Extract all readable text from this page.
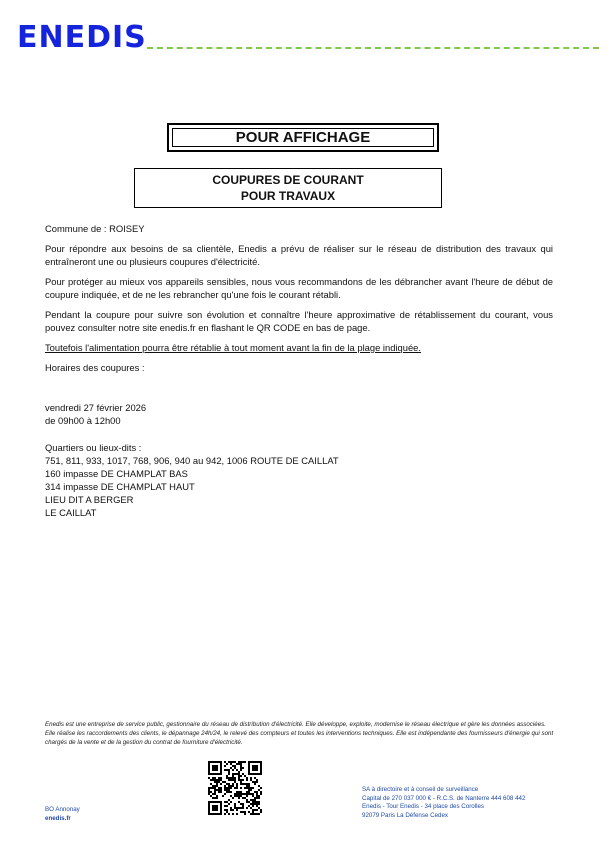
ENEDIS
POUR AFFICHAGE
COUPURES DE COURANT
POUR TRAVAUX

Commune de : ROISEY

Pour répondre aux besoins de sa clientèle, Enedis a prévu de réaliser sur le réseau de distribution des travaux qui entraîneront une ou plusieurs coupures d'électricité.

Pour protéger au mieux vos appareils sensibles, nous vous recommandons de les débrancher avant l'heure de début de coupure indiquée, et de ne les rebrancher qu'une fois le courant rétabli.

Pendant la coupure pour suivre son évolution et connaître l'heure approximative de rétablissement du courant, vous pouvez consulter notre site enedis.fr en flashant le QR CODE en bas de page.

Toutefois l'alimentation pourra être rétablie à tout moment avant la fin de la plage indiquée.

Horaires des coupures :

vendredi 27 février 2026
de 09h00 à 12h00
Quartiers ou lieux-dits :
751, 811, 933, 1017, 768, 906, 940 au 942, 1006 ROUTE DE CAILLAT
160 impasse DE CHAMPLAT BAS
314 impasse DE CHAMPLAT HAUT
LIEU DIT A BERGER
LE CAILLAT
Enedis est une entreprise de service public, gestionnaire du réseau de distribution d'électricité. Elle développe, exploite, modernise le réseau électrique et gère les données associées. Elle réalise les raccordements des clients, le dépannage 24h/24, le relevé des compteurs et toutes les interventions techniques. Elle est indépendante des fournisseurs d'énergie qui sont chargés de la vente et de la gestion du contrat de fourniture d'électricité.
BO Annonay
enedis.fr
SA à directoire et à conseil de surveillance
Capital de 270 037 000 € - R.C.S. de Nanterre 444 608 442
Enedis - Tour Enedis - 34 place des Corolles
92079 Paris La Défense Cedex
